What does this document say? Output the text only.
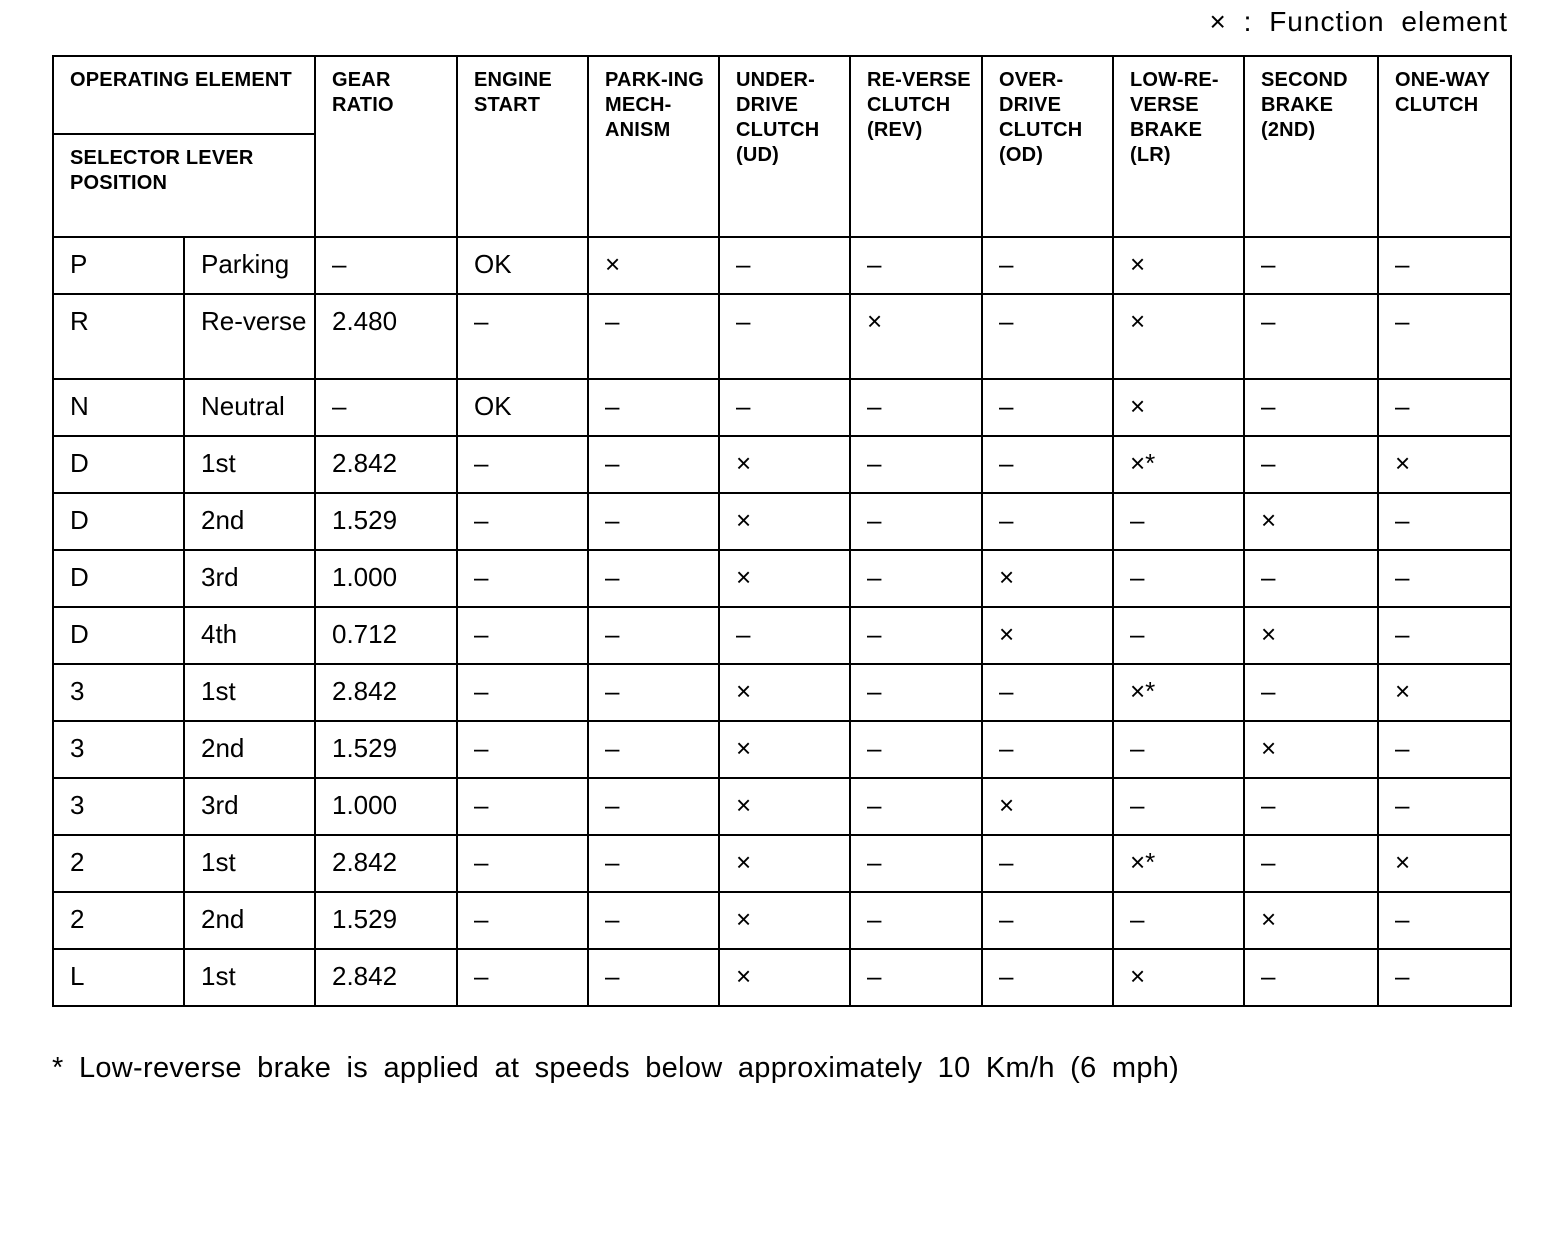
× : Function element
OPERATING ELEMENT		GEAR RATIO	ENGINE START	PARK-ING MECH-ANISM	UNDER-DRIVE CLUTCH (UD)	RE-VERSE CLUTCH (REV)	OVER-DRIVE CLUTCH (OD)	LOW-RE-VERSE BRAKE (LR)	SECOND BRAKE (2ND)	ONE-WAY CLUTCH
SELECTOR LEVER POSITION										
P	Parking	–	OK	×	–	–	–	×	–	–
R	Re-verse	2.480	–	–	–	×	–	×	–	–
N	Neutral	–	OK	–	–	–	–	×	–	–
D	1st	2.842	–	–	×	–	–	×*	–	×
D	2nd	1.529	–	–	×	–	–	–	×	–
D	3rd	1.000	–	–	×	–	×	–	–	–
D	4th	0.712	–	–	–	–	×	–	×	–
3	1st	2.842	–	–	×	–	–	×*	–	×
3	2nd	1.529	–	–	×	–	–	–	×	–
3	3rd	1.000	–	–	×	–	×	–	–	–
2	1st	2.842	–	–	×	–	–	×*	–	×
2	2nd	1.529	–	–	×	–	–	–	×	–
L	1st	2.842	–	–	×	–	–	×	–	–
* Low-reverse brake is applied at speeds below approximately 10 Km/h (6 mph)
